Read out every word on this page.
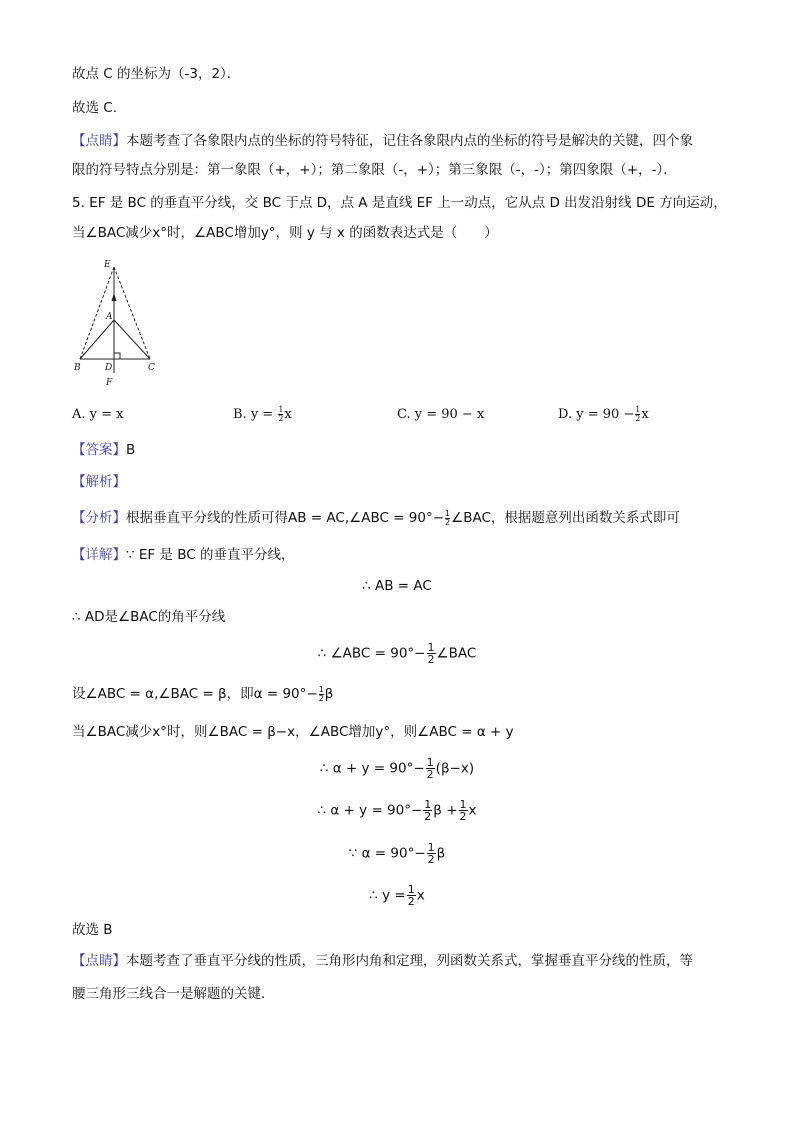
故点 C 的坐标为（-3，2）．
故选 C.
【点睛】本题考查了各象限内点的坐标的符号特征，记住各象限内点的坐标的符号是解决的关键，四个象
限的符号特点分别是：第一象限（+，+）；第二象限（-，+）；第三象限（-，-）；第四象限（+，-）．
5. EF 是 BC 的垂直平分线，交 BC 于点 D，点 A 是直线 EF 上一动点，它从点 D 出发沿射线 DE 方向运动，
当∠BAC减少x°时，∠ABC增加y°，则 y 与 x 的函数表达式是（　　）
E
A
B	D	C
F
A. y = x	B. $y = \frac{1}{2}$ x	C. y = 90 − x	D. $y = 90 - \frac{1}{2}$ x
【答案】B
【解析】
【分析】根据垂直平分线的性质可得AB = AC,∠ABC = $90^\circ- \frac{1}{2}$ ∠BAC，根据题意列出函数关系式即可
【详解】∵ EF 是 BC 的垂直平分线，
∴ AB = AC
∴ AD是∠BAC的角平分线
∴ ∠ABC = $90^\circ- \frac{1}{2}$ ∠BAC
设∠ABC = α,∠BAC = β，即$\alpha = 90^\circ- \frac{1}{2}$ β
当∠BAC减少x°时，则∠BAC = β−x，∠ABC增加y°，则∠ABC = α + y
∴ $\alpha + y = 90^\circ- \frac{1}{2} (\beta-x)$
∴ $\alpha + y = 90^\circ- \frac{1}{2}$ $\beta + \frac{1}{2}$ x
∵ $\alpha = 90^\circ- \frac{1}{2}$ β
∴ $y = \frac{1}{2}$ x
故选 B
【点睛】本题考查了垂直平分线的性质，三角形内角和定理，列函数关系式，掌握垂直平分线的性质，等
腰三角形三线合一是解题的关键．
